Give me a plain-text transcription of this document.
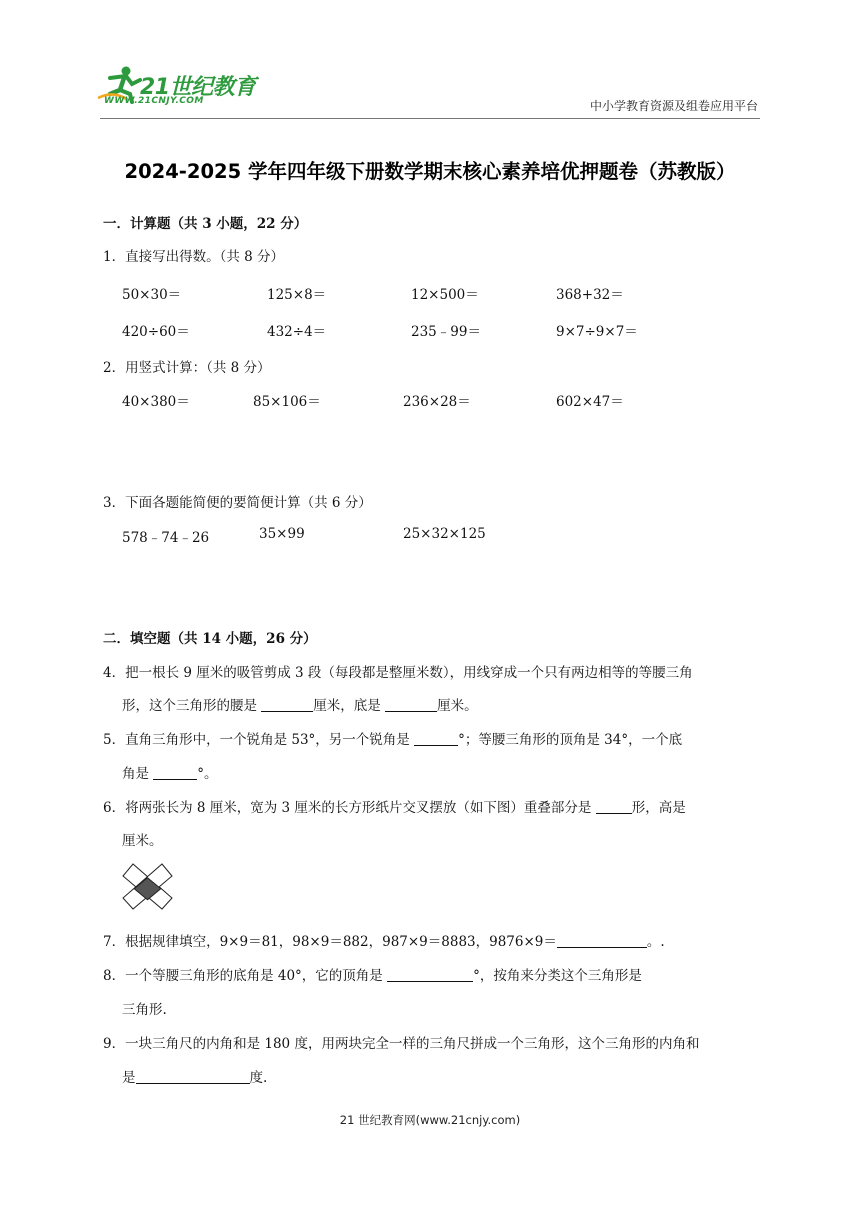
21世纪教育
WWW.21CNJY.COM	中小学教育资源及组卷应用平台
2024-2025 学年四年级下册数学期末核心素养培优押题卷（苏教版）
一．计算题（共 3 小题，22 分）
1．直接写出得数。（共 8 分）
50×30＝	125×8＝	12×500＝	368+32＝
420÷60＝	432÷4＝	235﹣99＝	9×7÷9×7＝
2．用竖式计算：（共 8 分）
40×380＝	85×106＝	236×28＝	602×47＝
3．下面各题能简便的要简便计算（共 6 分）
578﹣74﹣26	35×99	25×32×125
二．填空题（共 14 小题，26 分）
4．把一根长 9 厘米的吸管剪成 3 段（每段都是整厘米数），用线穿成一个只有两边相等的等腰三角
形，这个三角形的腰是	厘米，底是	厘米。
5．直角三角形中，一个锐角是 53°，另一个锐角是	°；等腰三角形的顶角是 34°，一个底
角是	°。
6．将两张长为 8 厘米，宽为 3 厘米的长方形纸片交叉摆放（如下图）重叠部分是	形，高是
厘米。
7．根据规律填空，9×9＝81，98×9＝882，987×9＝8883，9876×9＝	。.
8．一个等腰三角形的底角是 40°，它的顶角是	°，按角来分类这个三角形是
三角形.
9．一块三角尺的内角和是 180 度，用两块完全一样的三角尺拼成一个三角形，这个三角形的内角和
是	度.
21 世纪教育网(www.21cnjy.com)
